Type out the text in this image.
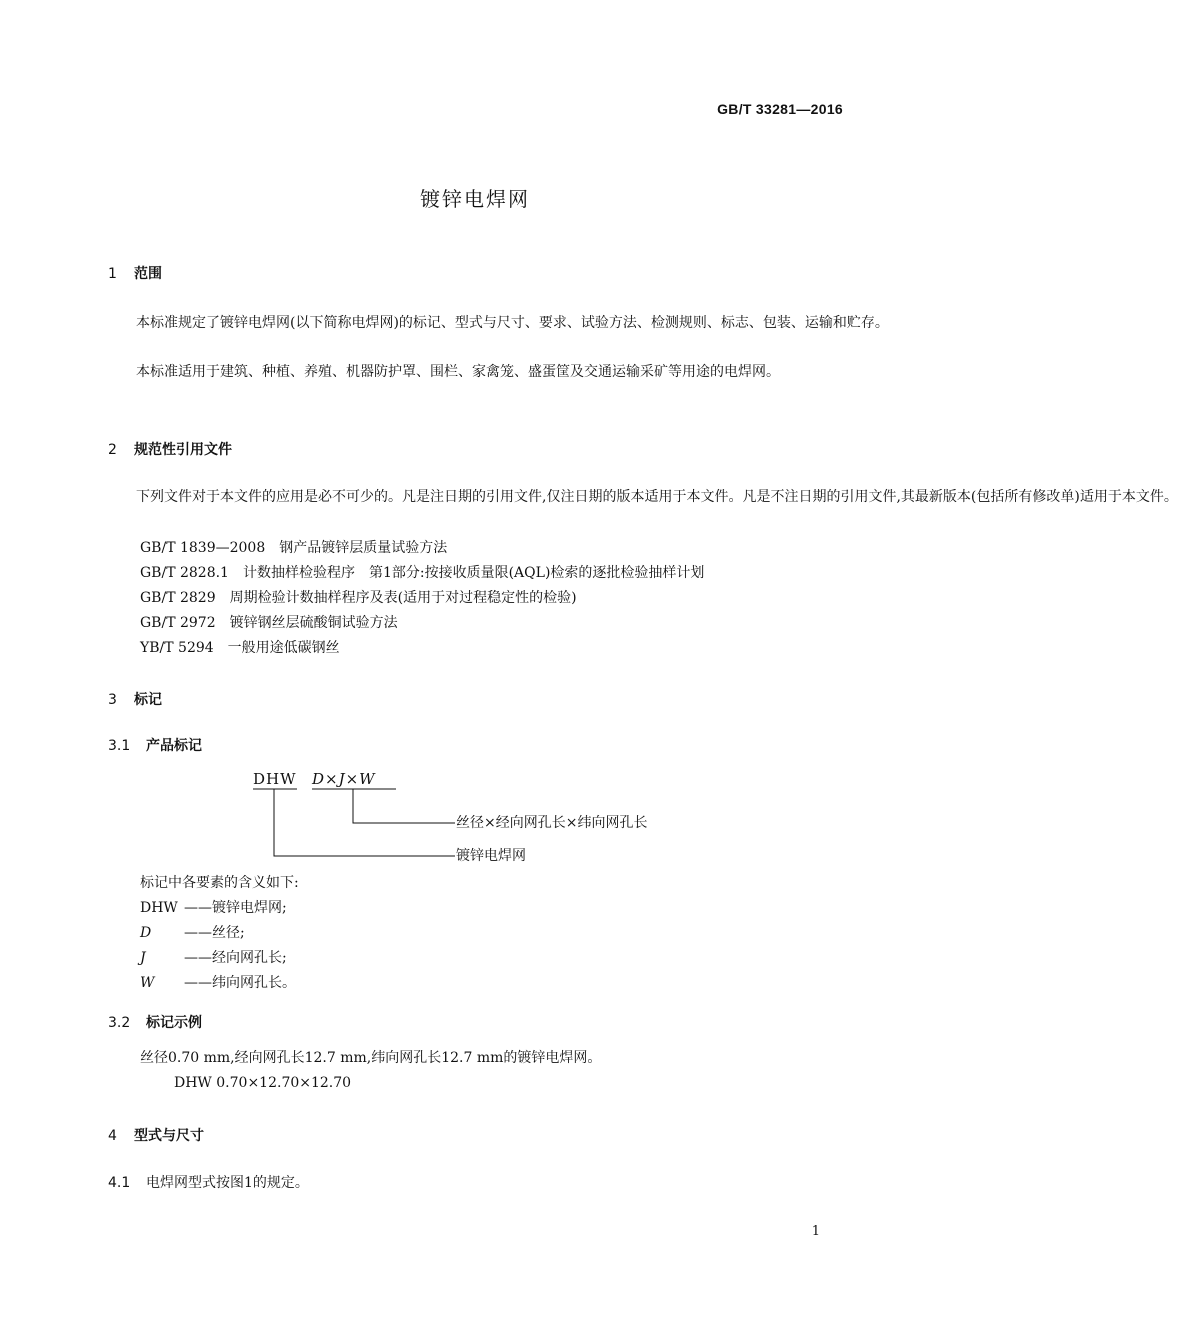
GB/T 33281—2016
镀锌电焊网
1 范围
本标准规定了镀锌电焊网(以下简称电焊网)的标记、型式与尺寸、要求、试验方法、检测规则、标志、包装、运输和贮存。
本标准适用于建筑、种植、养殖、机器防护罩、围栏、家禽笼、盛蛋筐及交通运输采矿等用途的电焊网。
2 规范性引用文件
下列文件对于本文件的应用是必不可少的。凡是注日期的引用文件,仅注日期的版本适用于本文件。凡是不注日期的引用文件,其最新版本(包括所有修改单)适用于本文件。
GB/T 1839—2008　 钢产品镀锌层质量试验方法
GB/T 2828.1　 计数抽样检验程序　第1部分:按接收质量限(AQL)检索的逐批检验抽样计划
GB/T 2829　 周期检验计数抽样程序及表(适用于对过程稳定性的检验)
GB/T 2972　 镀锌钢丝层硫酸铜试验方法
YB/T 5294　 一般用途低碳钢丝
3 标记
3.1 产品标记
DHW D×J×W
丝径×经向网孔长×纬向网孔长
镀锌电焊网
标记中各要素的含义如下:
DHW ——镀锌电焊网;
D ——丝径;
J	——经向网孔长;
W ——纬向网孔长。
3.2 标记示例
丝径0.70 mm,经向网孔长12.7 mm,纬向网孔长12.7 mm的镀锌电焊网。
DHW 0.70×12.70×12.70
4 型式与尺寸
4.1 电焊网型式按图1的规定。
1
